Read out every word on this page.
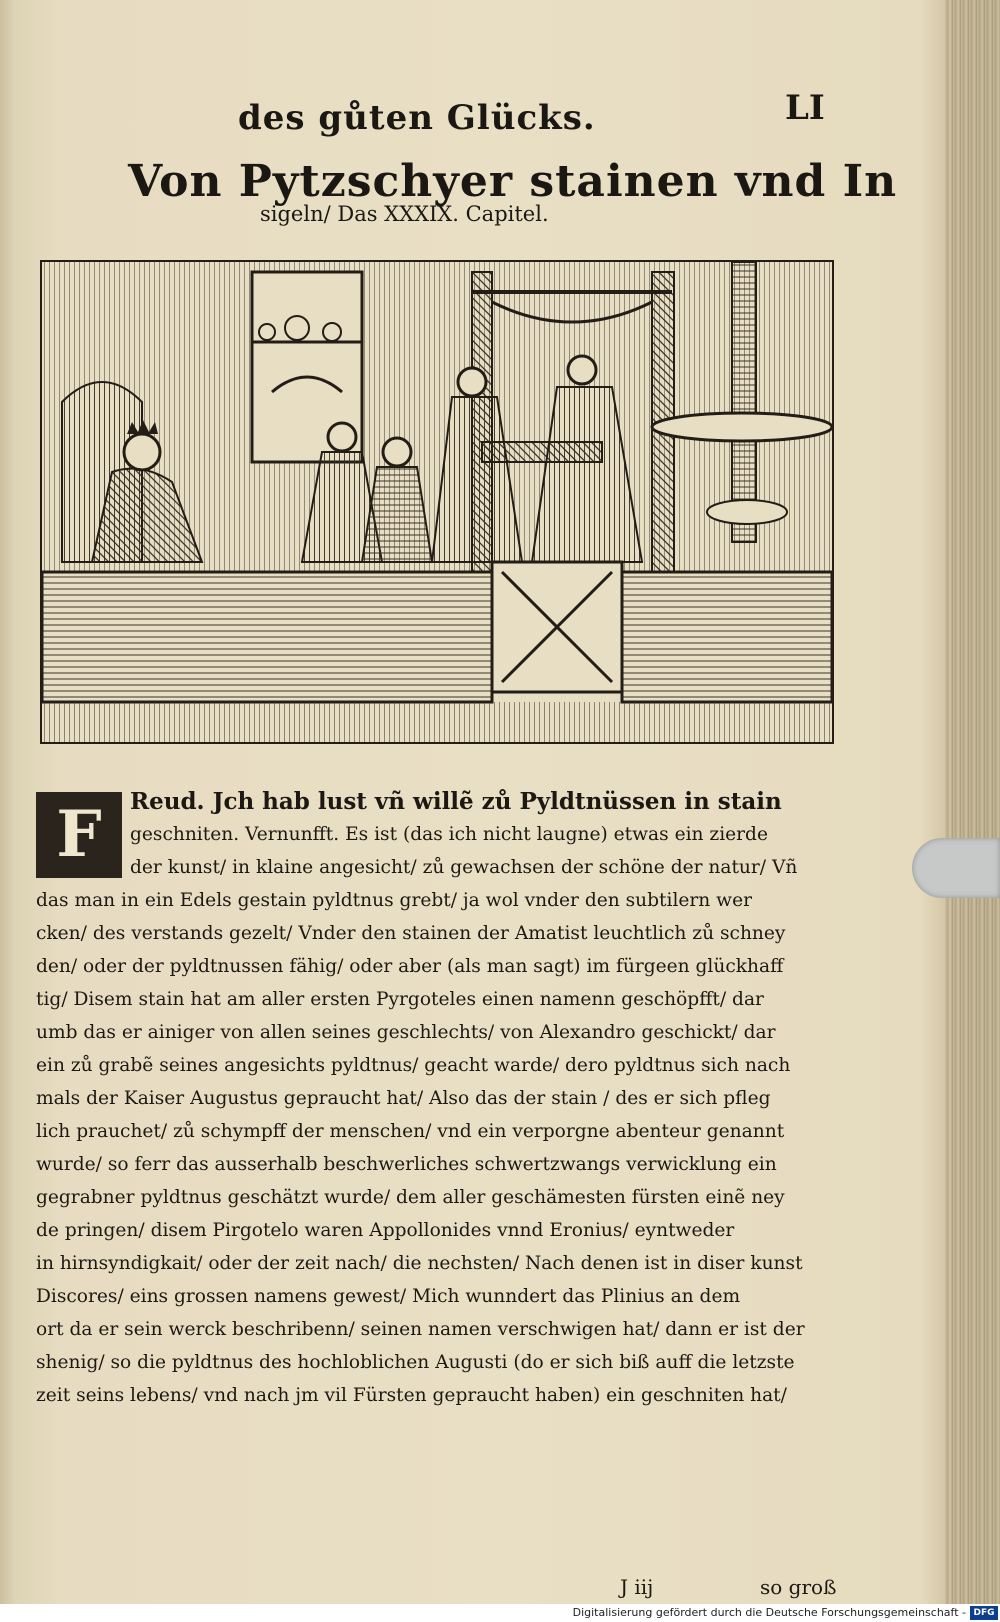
des gůten Glücks.	LI
Von Pytzschyer stainen vnd In
sigeln/ Das XXXIX. Capitel.
F	Reud. Jch hab lust vñ willẽ zů Pyldtnüssen in stain
geschniten. Vernunfft. Es ist (das ich nicht laugne) etwas ein zierde
der kunst/ in klaine angesicht/ zů gewachsen der schöne der natur/ Vñ
das man in ein Edels gestain pyldtnus grebt/ ja wol vnder den subtilern wer
cken/ des verstands gezelt/ Vnder den stainen der Amatist leuchtlich zů schney
den/ oder der pyldtnussen fähig/ oder aber (als man sagt) im fürgeen glückhaff
tig/ Disem stain hat am aller ersten Pyrgoteles einen namenn geschöpfft/ dar
umb das er ainiger von allen seines geschlechts/ von Alexandro geschickt/ dar
ein zů grabẽ seines angesichts pyldtnus/ geacht warde/ dero pyldtnus sich nach
mals der Kaiser Augustus gepraucht hat/ Also das der stain / des er sich pfleg
lich prauchet/ zů schympff der menschen/ vnd ein verporgne abenteur genannt
wurde/ so ferr das ausserhalb beschwerliches schwertzwangs verwicklung ein
gegrabner pyldtnus geschätzt wurde/ dem aller geschämesten fürsten einẽ ney
de pringen/ disem Pirgotelo waren Appollonides vnnd Eronius/ eyntweder
in hirnsyndigkait/ oder der zeit nach/ die nechsten/ Nach denen ist in diser kunst
Discores/ eins grossen namens gewest/ Mich wunndert das Plinius an dem
ort da er sein werck beschribenn/ seinen namen verschwigen hat/ dann er ist der
shenig/ so die pyldtnus des hochloblichen Augusti (do er sich biß auff die letzste
zeit seins lebens/ vnd nach jm vil Fürsten gepraucht haben) ein geschniten hat/
J iij	so groß
Digitalisierung gefördert durch die Deutsche Forschungsgemeinschaft - DFG
